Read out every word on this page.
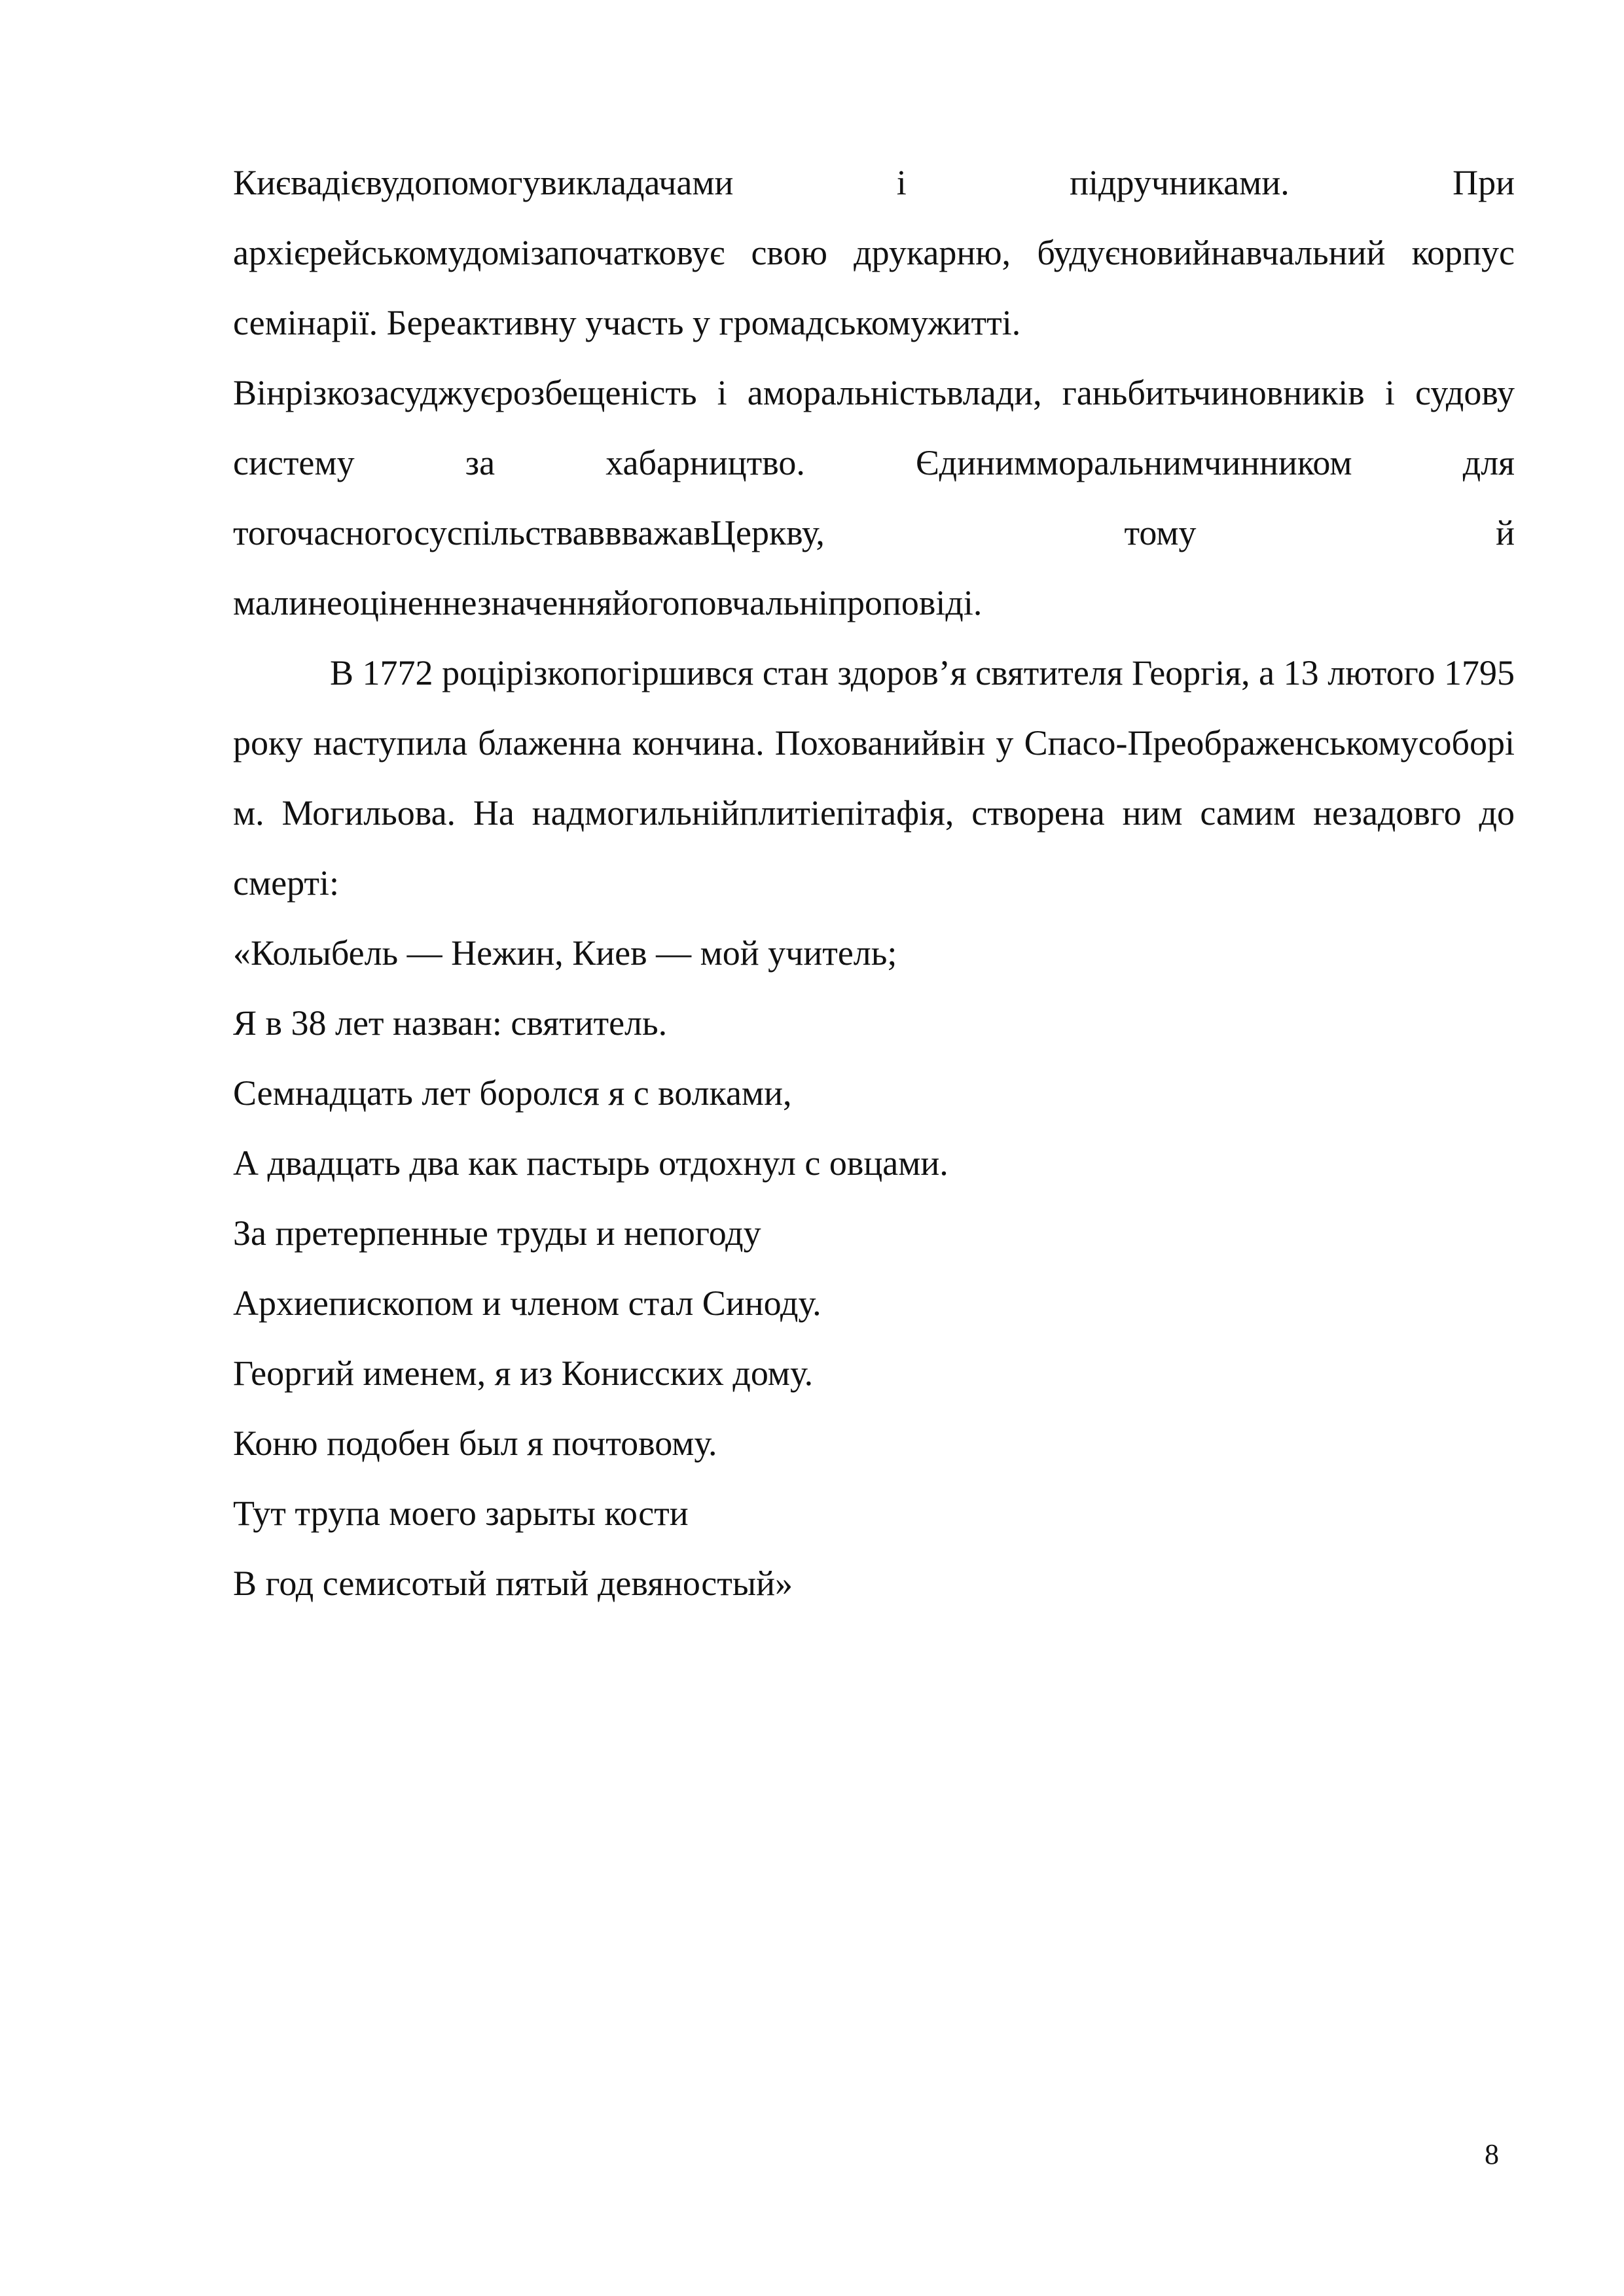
Києвадієвудопомогувикладачами і підручниками. При архієрейськомудомізапочатковує свою друкарню, будуєновийнавчальний корпус семінарії. Береактивну участь у громадськомужитті.

Вінрізкозасуджуєрозбещеність і аморальністьвлади, ганьбитьчиновників і судову систему за хабарництво. Єдинимморальнимчинником для тогочасногосуспільстваввважавЦеркву, тому й малинеоціненнезначенняйогоповчальніпроповіді.

В 1772 роцірізкопогіршився стан здоров’я святителя Георгія, а 13 лютого 1795 року наступила блаженна кончина. Похованийвін у Спасо-Преображенськомусоборі м. Могильова. На надмогильнійплитіепітафія, створена ним самим незадовго до смерті:

«Колыбель — Нежин, Киев — мой учитель;
Я в 38 лет назван: святитель.
Семнадцать лет боролся я с волками,
А двадцать два как пастырь отдохнул с овцами.
За претерпенные труды и непогоду
Архиепископом и членом стал Синоду.
Георгий именем, я из Конисских дому.
Коню подобен был я почтовому.
Тут трупа моего зарыты кости
В год семисотый пятый девяностый»
8
